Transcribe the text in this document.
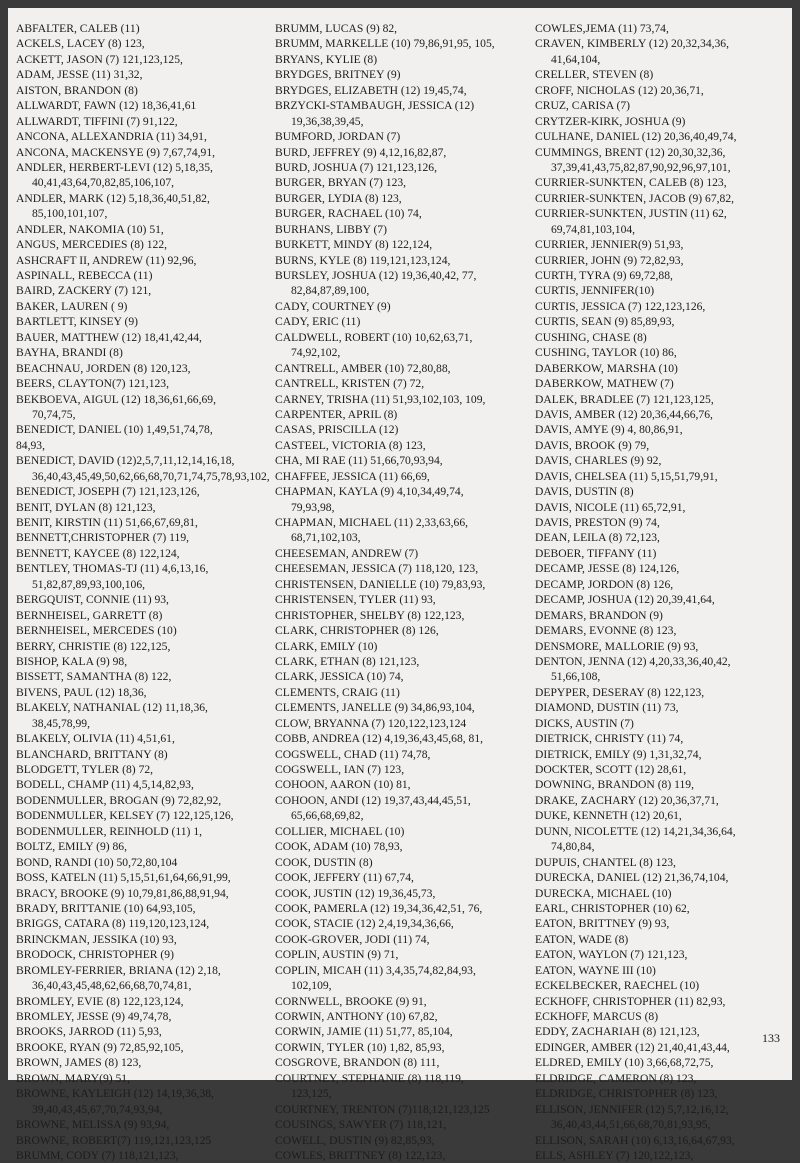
ABFALTER, CALEB (11)
ACKELS, LACEY (8) 123,
ACKETT, JASON (7) 121,123,125,
ADAM, JESSE (11) 31,32,
AISTON, BRANDON (8)
ALLWARDT, FAWN (12) 18,36,41,61
ALLWARDT, TIFFINI (7) 91,122,
ANCONA, ALLEXANDRIA (11) 34,91,
ANCONA, MACKENSYE (9) 7,67,74,91,
ANDLER, HERBERT-LEVI (12) 5,18,35,
40,41,43,64,70,82,85,106,107,
ANDLER, MARK (12) 5,18,36,40,51,82,
85,100,101,107,
ANDLER, NAKOMIA (10) 51,
ANGUS, MERCEDIES (8) 122,
ASHCRAFT II, ANDREW (11) 92,96,
ASPINALL, REBECCA (11)
BAIRD, ZACKERY (7) 121,
BAKER, LAUREN ( 9)
BARTLETT, KINSEY (9)
BAUER, MATTHEW (12) 18,41,42,44,
BAYHA, BRANDI (8)
BEACHNAU, JORDEN (8) 120,123,
BEERS, CLAYTON(7) 121,123,
BEKBOEVA, AIGUL (12) 18,36,61,66,69,
70,74,75,
BENEDICT, DANIEL (10) 1,49,51,74,78,
84,93,
BENEDICT, DAVID (12)2,5,7,11,12,14,16,18,
36,40,43,45,49,50,62,66,68,70,71,74,75,78,93,102,
BENEDICT, JOSEPH (7) 121,123,126,
BENIT, DYLAN (8) 121,123,
BENIT, KIRSTIN (11) 51,66,67,69,81,
BENNETT,CHRISTOPHER (7) 119,
BENNETT, KAYCEE (8) 122,124,
BENTLEY, THOMAS-TJ (11) 4,6,13,16,
51,82,87,89,93,100,106,
BERGQUIST, CONNIE (11) 93,
BERNHEISEL, GARRETT (8)
BERNHEISEL, MERCEDES (10)
BERRY, CHRISTIE (8) 122,125,
BISHOP, KALA (9) 98,
BISSETT, SAMANTHA (8) 122,
BIVENS, PAUL (12) 18,36,
BLAKELY, NATHANIAL (12) 11,18,36,
38,45,78,99,
BLAKELY, OLIVIA (11) 4,51,61,
BLANCHARD, BRITTANY (8)
BLODGETT, TYLER (8) 72,
BODELL, CHAMP (11) 4,5,14,82,93,
BODENMULLER, BROGAN (9) 72,82,92,
BODENMULLER, KELSEY (7) 122,125,126,
BODENMULLER, REINHOLD (11) 1,
BOLTZ, EMILY (9) 86,
BOND, RANDI (10) 50,72,80,104
BOSS, KATELN (11) 5,15,51,61,64,66,91,99,
BRACY, BROOKE (9) 10,79,81,86,88,91,94,
BRADY, BRITTANIE (10) 64,93,105,
BRIGGS, CATARA (8) 119,120,123,124,
BRINCKMAN, JESSIKA (10) 93,
BRODOCK, CHRISTOPHER (9)
BROMLEY-FERRIER, BRIANA (12) 2,18,
36,40,43,45,48,62,66,68,70,74,81,
BROMLEY, EVIE (8) 122,123,124,
BROMLEY, JESSE (9) 49,74,78,
BROOKS, JARROD (11) 5,93,
BROOKE, RYAN (9) 72,85,92,105,
BROWN, JAMES (8) 123,
BROWN, MARY(9) 51,
BROWNE, KAYLEIGH (12) 14,19,36,38,
39,40,43,45,67,70,74,93,94,
BROWNE, MELISSA (9) 93,94,
BROWNE, ROBERT(7) 119,121,123,125
BRUMM, CODY (7) 118,121,123,
BRUMM, LUCAS (9) 82,
BRUMM, MARKELLE (10) 79,86,91,95, 105,
BRYANS, KYLIE (8)
BRYDGES, BRITNEY (9)
BRYDGES, ELIZABETH (12) 19,45,74,
BRZYCKI-STAMBAUGH, JESSICA (12)
19,36,38,39,45,
BUMFORD, JORDAN (7)
BURD, JEFFREY (9) 4,12,16,82,87,
BURD, JOSHUA (7) 121,123,126,
BURGER, BRYAN (7) 123,
BURGER, LYDIA (8) 123,
BURGER, RACHAEL (10) 74,
BURHANS, LIBBY (7)
BURKETT, MINDY (8) 122,124,
BURNS, KYLE (8) 119,121,123,124,
BURSLEY, JOSHUA (12) 19,36,40,42, 77,
82,84,87,89,100,
CADY, COURTNEY (9)
CADY, ERIC (11)
CALDWELL, ROBERT (10) 10,62,63,71,
74,92,102,
CANTRELL, AMBER (10) 72,80,88,
CANTRELL, KRISTEN (7) 72,
CARNEY, TRISHA (11) 51,93,102,103, 109,
CARPENTER, APRIL (8)
CASAS, PRISCILLA (12)
CASTEEL, VICTORIA (8) 123,
CHA, MI RAE (11) 51,66,70,93,94,
CHAFFEE, JESSICA (11) 66,69,
CHAPMAN, KAYLA (9) 4,10,34,49,74,
79,93,98,
CHAPMAN, MICHAEL (11) 2,33,63,66,
68,71,102,103,
CHEESEMAN, ANDREW (7)
CHEESEMAN, JESSICA (7) 118,120, 123,
CHRISTENSEN, DANIELLE (10) 79,83,93,
CHRISTENSEN, TYLER (11) 93,
CHRISTOPHER, SHELBY (8) 122,123,
CLARK, CHRISTOPHER (8) 126,
CLARK, EMILY (10)
CLARK, ETHAN (8) 121,123,
CLARK, JESSICA (10) 74,
CLEMENTS, CRAIG (11)
CLEMENTS, JANELLE (9) 34,86,93,104,
CLOW, BRYANNA (7) 120,122,123,124
COBB, ANDREA (12) 4,19,36,43,45,68, 81,
COGSWELL, CHAD (11) 74,78,
COGSWELL, IAN (7) 123,
COHOON, AARON (10) 81,
COHOON, ANDI (12) 19,37,43,44,45,51,
65,66,68,69,82,
COLLIER, MICHAEL (10)
COOK, ADAM (10) 78,93,
COOK, DUSTIN (8)
COOK, JEFFERY (11) 67,74,
COOK, JUSTIN (12) 19,36,45,73,
COOK, PAMERLA (12) 19,34,36,42,51, 76,
COOK, STACIE (12) 2,4,19,34,36,66,
COOK-GROVER, JODI (11) 74,
COPLIN, AUSTIN (9) 71,
COPLIN, MICAH (11) 3,4,35,74,82,84,93,
102,109,
CORNWELL, BROOKE (9) 91,
CORWIN, ANTHONY (10) 67,82,
CORWIN, JAMIE (11) 51,77, 85,104,
CORWIN, TYLER (10) 1,82, 85,93,
COSGROVE, BRANDON (8) 111,
COURTNEY, STEPHANIE (8) 118,119,
123,125,
COURTNEY, TRENTON (7)118,121,123,125
COUSINGS, SAWYER (7) 118,121,
COWELL, DUSTIN (9) 82,85,93,
COWLES, BRITTNEY (8) 122,123,
COWLES,JEMA (11) 73,74,
CRAVEN, KIMBERLY (12) 20,32,34,36,
41,64,104,
CRELLER, STEVEN (8)
CROFF, NICHOLAS (12) 20,36,71,
CRUZ, CARISA (7)
CRYTZER-KIRK, JOSHUA (9)
CULHANE, DANIEL (12) 20,36,40,49,74,
CUMMINGS, BRENT (12) 20,30,32,36,
37,39,41,43,75,82,87,90,92,96,97,101,
CURRIER-SUNKTEN, CALEB (8) 123,
CURRIER-SUNKTEN, JACOB (9) 67,82,
CURRIER-SUNKTEN, JUSTIN (11) 62,
69,74,81,103,104,
CURRIER, JENNIER(9) 51,93,
CURRIER, JOHN (9) 72,82,93,
CURTH, TYRA (9) 69,72,88,
CURTIS, JENNIFER(10)
CURTIS, JESSICA (7) 122,123,126,
CURTIS, SEAN (9) 85,89,93,
CUSHING, CHASE (8)
CUSHING, TAYLOR (10) 86,
DABERKOW, MARSHA (10)
DABERKOW, MATHEW (7)
DALEK, BRADLEE (7) 121,123,125,
DAVIS, AMBER (12) 20,36,44,66,76,
DAVIS, AMYE (9) 4, 80,86,91,
DAVIS, BROOK (9) 79,
DAVIS, CHARLES (9) 92,
DAVIS, CHELSEA (11) 5,15,51,79,91,
DAVIS, DUSTIN (8)
DAVIS, NICOLE (11) 65,72,91,
DAVIS, PRESTON (9) 74,
DEAN, LEILA (8) 72,123,
DEBOER, TIFFANY (11)
DECAMP, JESSE (8) 124,126,
DECAMP, JORDON (8) 126,
DECAMP, JOSHUA (12) 20,39,41,64,
DEMARS, BRANDON (9)
DEMARS, EVONNE (8) 123,
DENSMORE, MALLORIE (9) 93,
DENTON, JENNA (12) 4,20,33,36,40,42,
51,66,108,
DEPYPER, DESERAY (8) 122,123,
DIAMOND, DUSTIN (11) 73,
DICKS, AUSTIN (7)
DIETRICK, CHRISTY (11) 74,
DIETRICK, EMILY (9) 1,31,32,74,
DOCKTER, SCOTT (12) 28,61,
DOWNING, BRANDON (8) 119,
DRAKE, ZACHARY (12) 20,36,37,71,
DUKE, KENNETH (12) 20,61,
DUNN, NICOLETTE (12) 14,21,34,36,64,
74,80,84,
DUPUIS, CHANTEL (8) 123,
DURECKA, DANIEL (12) 21,36,74,104,
DURECKA, MICHAEL (10)
EARL, CHRISTOPHER (10) 62,
EATON, BRITTNEY (9) 93,
EATON, WADE (8)
EATON, WAYLON (7) 121,123,
EATON, WAYNE III (10)
ECKELBECKER, RAECHEL (10)
ECKHOFF, CHRISTOPHER (11) 82,93,
ECKHOFF, MARCUS (8)
EDDY, ZACHARIAH (8) 121,123,
EDINGER, AMBER (12) 21,40,41,43,44,
ELDRED, EMILY (10) 3,66,68,72,75,
ELDRIDGE, CAMERON (8) 123,
ELDRIDGE, CHRISTOPHER (8) 123,
ELLISON, JENNIFER (12) 5,7,12,16,12,
36,40,43,44,51,66,68,70,81,93,95,
ELLISON, SARAH (10) 6,13,16,64,67,93,
ELLS, ASHLEY (7) 120,122,123,
133
